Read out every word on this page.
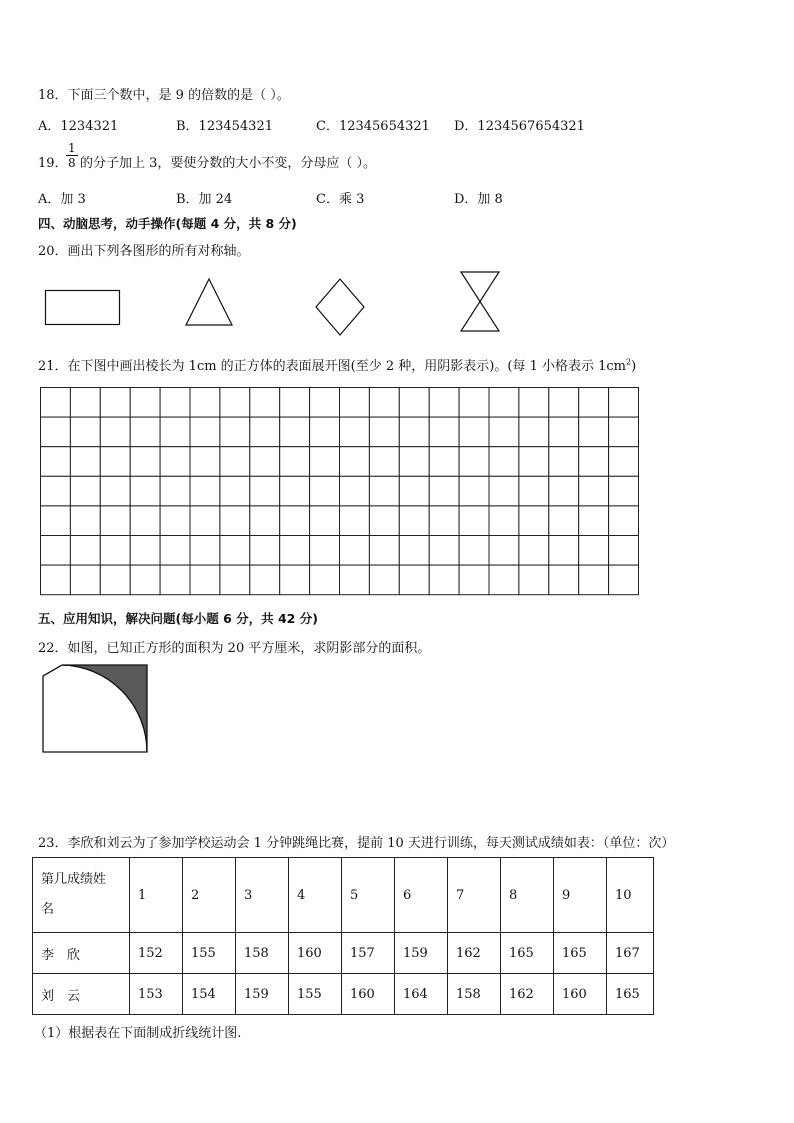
18．下面三个数中，是 9 的倍数的是（ ）。
A．1234321	B．123454321	C．12345654321 D．1234567654321
19．
$\frac{1}{8}$ 的分子加上 3，要使分数的大小不变，分母应（ ）。
A．加 3	B．加 24	C．乘 3	D．加 8
四、动脑思考，动手操作(每题 4 分，共 8 分)
20．画出下列各图形的所有对称轴。
21．在下图中画出棱长为 1cm 的正方体的表面展开图(至少 2 种，用阴影表示)。(每 1 小格表示 $1cm^2$)
五、应用知识，解决问题(每小题 6 分，共 42 分)
22．如图，已知正方形的面积为 20 平方厘米，求阴影部分的面积。
23．李欣和刘云为了参加学校运动会 1 分钟跳绳比赛，提前 10 天进行训练，每天测试成绩如表：（单位：次）
第几成绩姓
名	1	2	3	4	5	6	7	8	9	10
李　欣	152	155	158	160	157	159	162	165	165	167
刘　云	153	154	159	155	160	164	158	162	160	165
（1）根据表在下面制成折线统计图.
